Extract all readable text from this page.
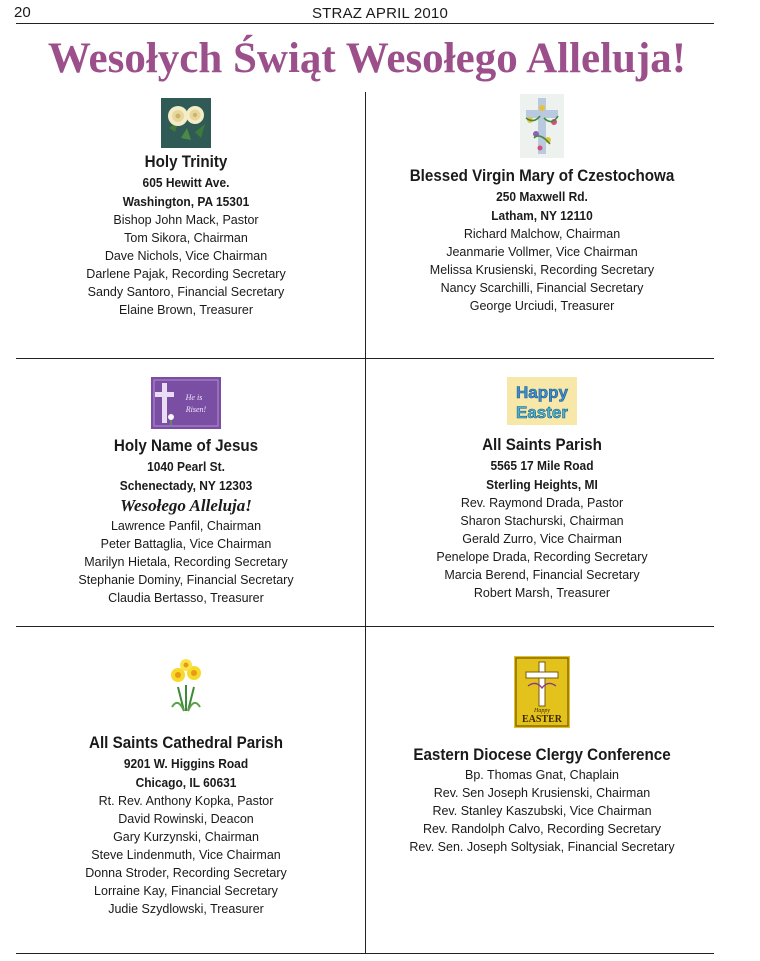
20	STRAZ APRIL 2010
Wesołych Świąt Wesołego Alleluja!
Holy Trinity
605 Hewitt Ave.
Washington, PA 15301
Bishop John Mack, Pastor
Tom Sikora, Chairman
Dave Nichols, Vice Chairman
Darlene Pajak, Recording Secretary
Sandy Santoro, Financial Secretary
Elaine Brown, Treasurer
Blessed Virgin Mary of Czestochowa
250 Maxwell Rd.
Latham, NY 12110
Richard Malchow, Chairman
Jeanmarie Vollmer, Vice Chairman
Melissa Krusienski, Recording Secretary
Nancy Scarchilli, Financial Secretary
George Urciudi, Treasurer
He is
Risen!
Holy Name of Jesus
1040 Pearl St.
Schenectady, NY 12303
Wesołego Alleluja!
Lawrence Panfil, Chairman
Peter Battaglia, Vice Chairman
Marilyn Hietala, Recording Secretary
Stephanie Dominy, Financial Secretary
Claudia Bertasso, Treasurer
Happy
Easter
All Saints Parish
5565 17 Mile Road
Sterling Heights, MI
Rev. Raymond Drada, Pastor
Sharon Stachurski, Chairman
Gerald Zurro, Vice Chairman
Penelope Drada, Recording Secretary
Marcia Berend, Financial Secretary
Robert Marsh, Treasurer
All Saints Cathedral Parish
9201 W. Higgins Road
Chicago, IL 60631
Rt. Rev. Anthony Kopka, Pastor
David Rowinski, Deacon
Gary Kurzynski, Chairman
Steve Lindenmuth, Vice Chairman
Donna Stroder, Recording Secretary
Lorraine Kay, Financial Secretary
Judie Szydlowski, Treasurer
Happy
EASTER
Eastern Diocese Clergy Conference
Bp. Thomas Gnat, Chaplain
Rev. Sen Joseph Krusienski, Chairman
Rev. Stanley Kaszubski, Vice Chairman
Rev. Randolph Calvo, Recording Secretary
Rev. Sen. Joseph Soltysiak, Financial Secretary
